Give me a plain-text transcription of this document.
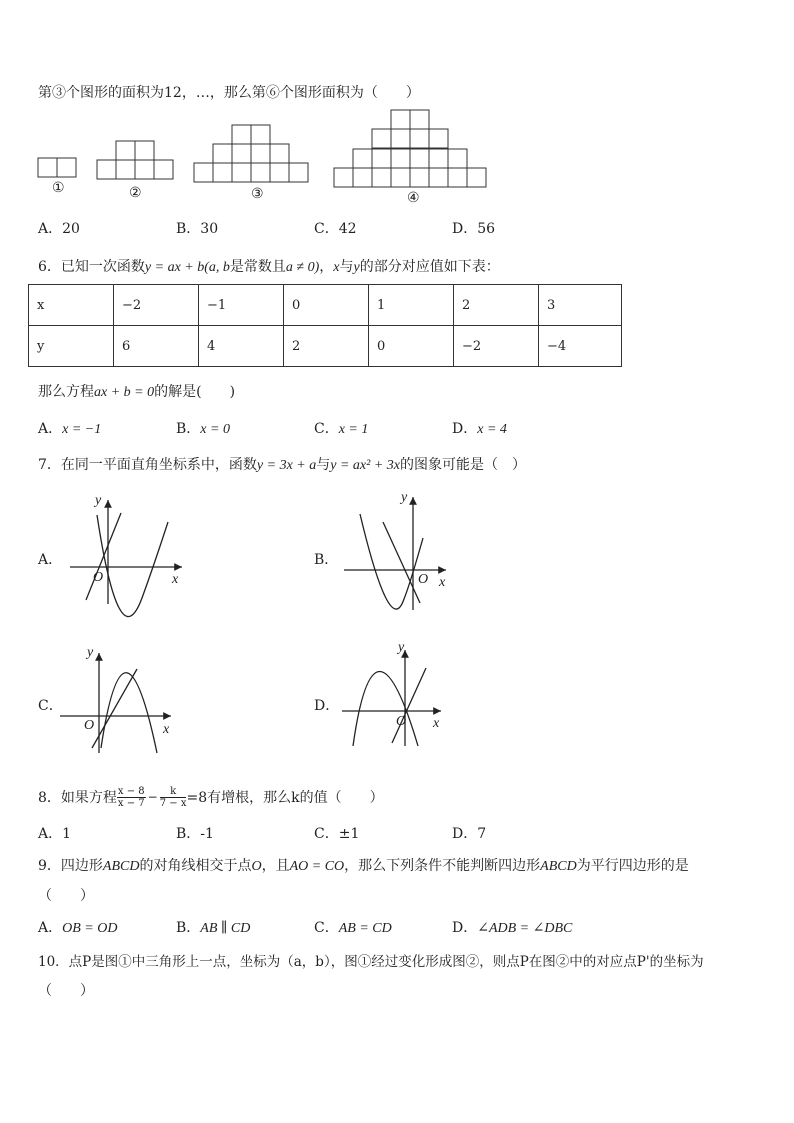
第③个图形的面积为12，…，那么第⑥个图形面积为（　　）
①	②	③	④
A．20	B．30	C．42	D．56
6．已知一次函数y = ax + b(a, b是常数且a ≠ 0)，x与y的部分对应值如下表：
x	−2	−1	0	1	2	3
y	6	4	2	0	−2	−4
那么方程ax + b = 0的解是(　　)
A．x = −1	B．x = 0	C．x = 1	D．x = 4
7．在同一平面直角坐标系中，函数y = 3x + a与y = ax² + 3x的图象可能是（　）
A．	B．
C．	D．
y
x
O
y
x
O
y
x
O
y
x
O
8．如果方程 $\frac{x - 8}{x - 7} - \frac{k}{7 - x} =8$有增根，那么k的值（　　）
A．1	B．-1	C．±1	D．7
9．四边形ABCD的对角线相交于点O，且AO = CO，那么下列条件不能判断四边形ABCD为平行四边形的是
（　　）
A．OB = OD	B．AB ∥ CD	C．AB = CD	D．∠ADB = ∠DBC
10．点P是图①中三角形上一点，坐标为（a，b），图①经过变化形成图②，则点P在图②中的对应点P'的坐标为
（　　）
